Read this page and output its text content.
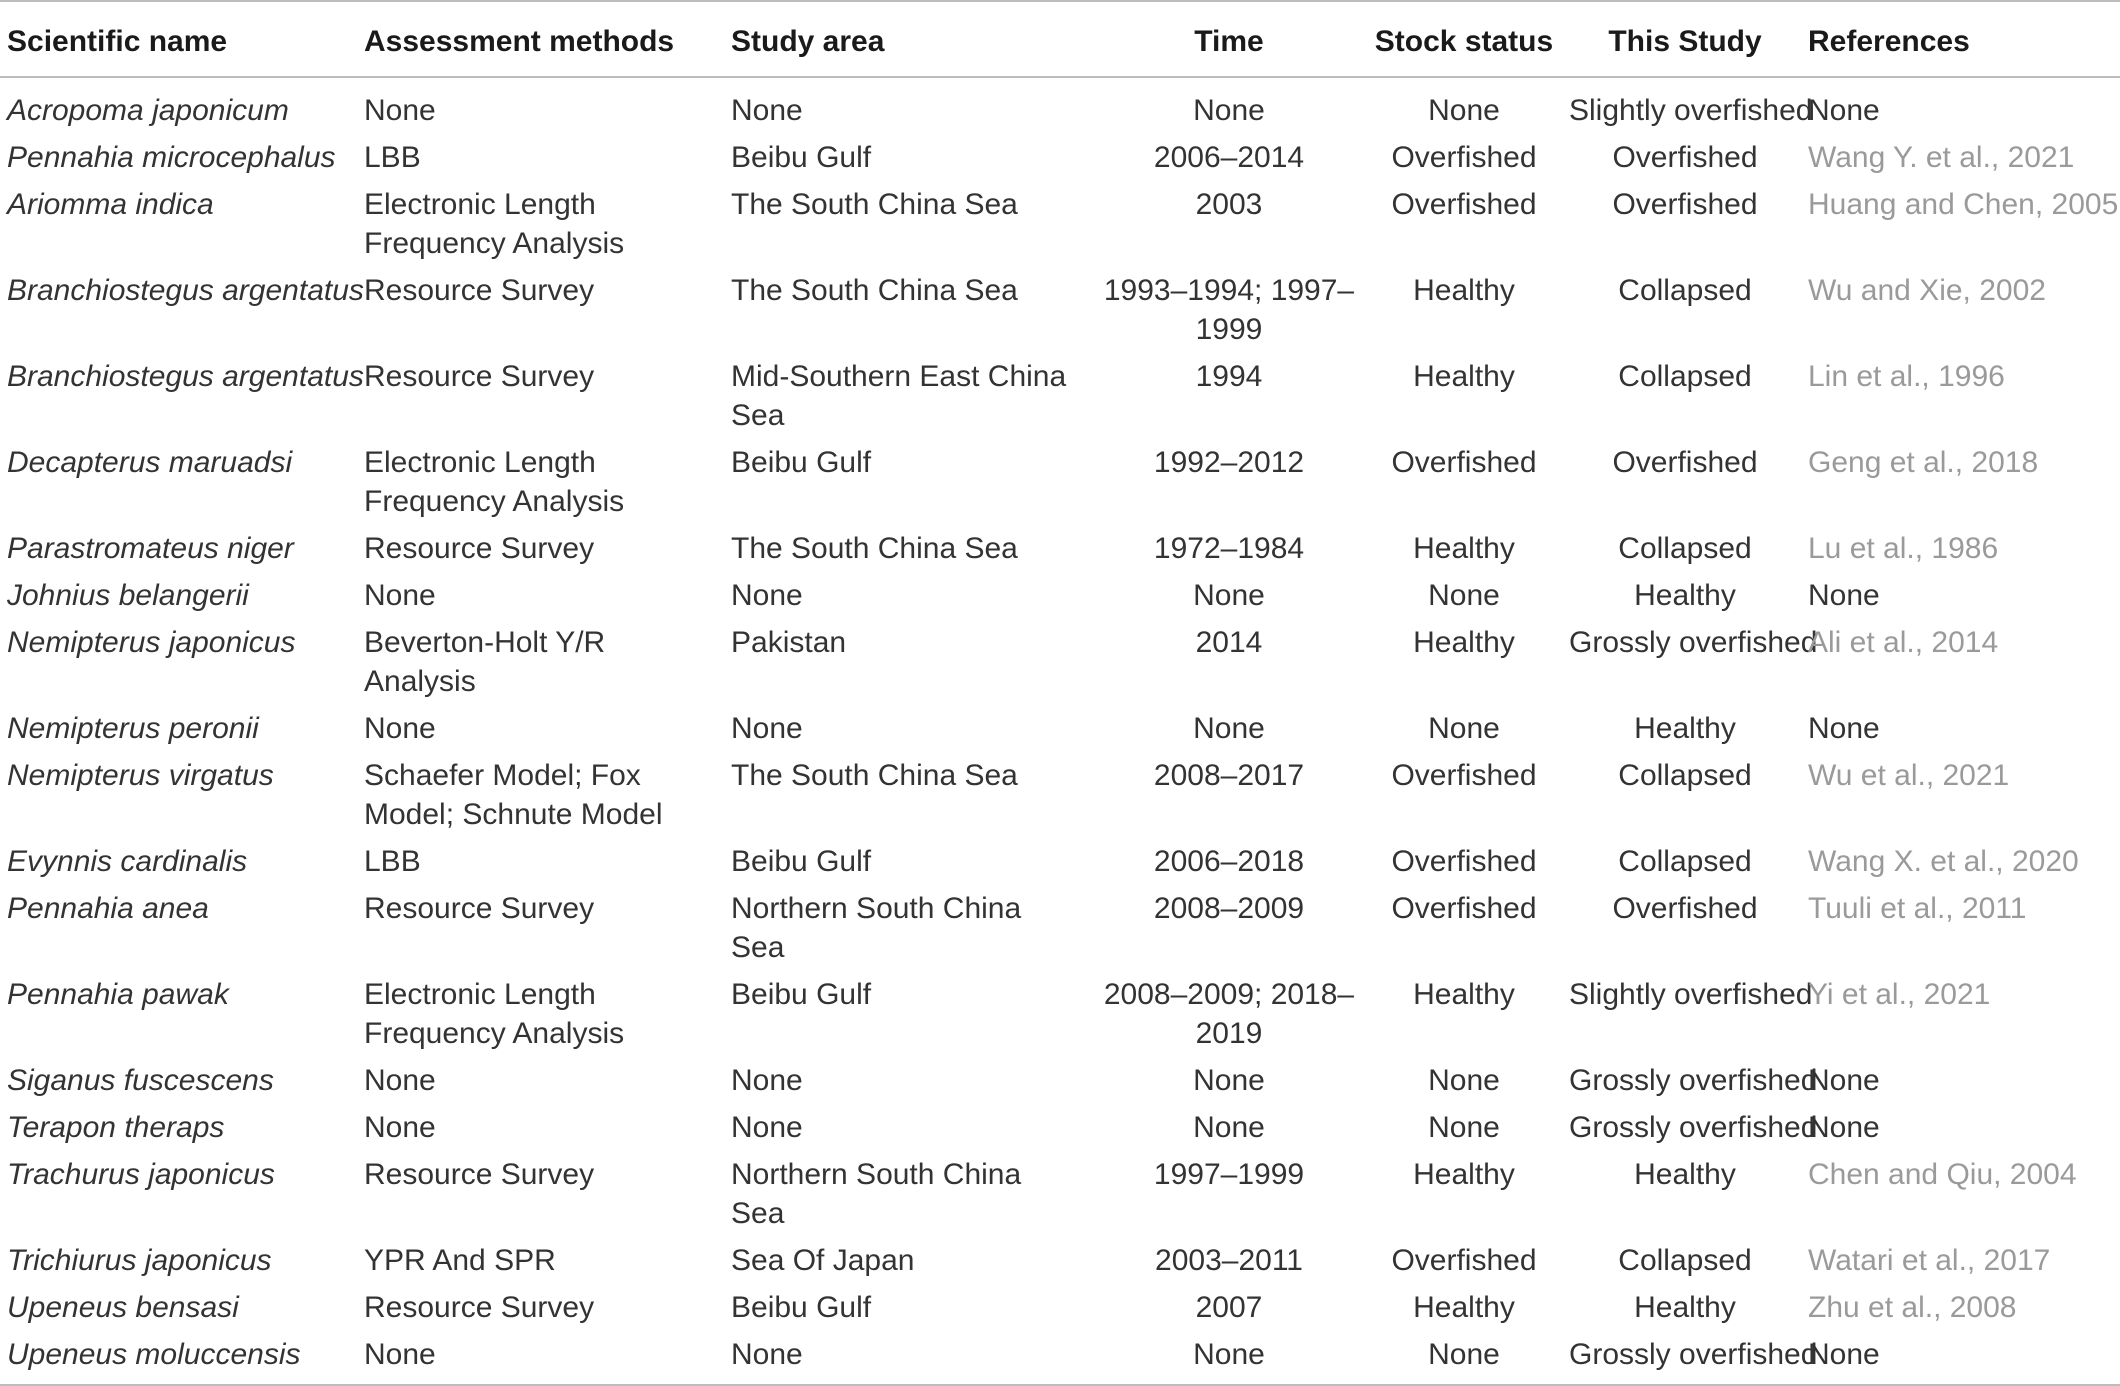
Scientific name	Assessment methods	Study area	Time	Stock status	This Study	References
Acropoma japonicum	None	None	None	None	Slightly overfished	None
Pennahia microcephalus	LBB	Beibu Gulf	2006–2014	Overfished	Overfished	Wang Y. et al., 2021
Ariomma indica	Electronic Length Frequency Analysis	The South China Sea	2003	Overfished	Overfished	Huang and Chen, 2005
Branchiostegus argentatus	Resource Survey	The South China Sea	1993–1994; 1997–1999	Healthy	Collapsed	Wu and Xie, 2002
Branchiostegus argentatus	Resource Survey	Mid-Southern East China Sea	1994	Healthy	Collapsed	Lin et al., 1996
Decapterus maruadsi	Electronic Length Frequency Analysis	Beibu Gulf	1992–2012	Overfished	Overfished	Geng et al., 2018
Parastromateus niger	Resource Survey	The South China Sea	1972–1984	Healthy	Collapsed	Lu et al., 1986
Johnius belangerii	None	None	None	None	Healthy	None
Nemipterus japonicus	Beverton-Holt Y/R Analysis	Pakistan	2014	Healthy	Grossly overfished	Ali et al., 2014
Nemipterus peronii	None	None	None	None	Healthy	None
Nemipterus virgatus	Schaefer Model; Fox Model; Schnute Model	The South China Sea	2008–2017	Overfished	Collapsed	Wu et al., 2021
Evynnis cardinalis	LBB	Beibu Gulf	2006–2018	Overfished	Collapsed	Wang X. et al., 2020
Pennahia anea	Resource Survey	Northern South China Sea	2008–2009	Overfished	Overfished	Tuuli et al., 2011
Pennahia pawak	Electronic Length Frequency Analysis	Beibu Gulf	2008–2009; 2018–2019	Healthy	Slightly overfished	Yi et al., 2021
Siganus fuscescens	None	None	None	None	Grossly overfished	None
Terapon theraps	None	None	None	None	Grossly overfished	None
Trachurus japonicus	Resource Survey	Northern South China Sea	1997–1999	Healthy	Healthy	Chen and Qiu, 2004
Trichiurus japonicus	YPR And SPR	Sea Of Japan	2003–2011	Overfished	Collapsed	Watari et al., 2017
Upeneus bensasi	Resource Survey	Beibu Gulf	2007	Healthy	Healthy	Zhu et al., 2008
Upeneus moluccensis	None	None	None	None	Grossly overfished	None
